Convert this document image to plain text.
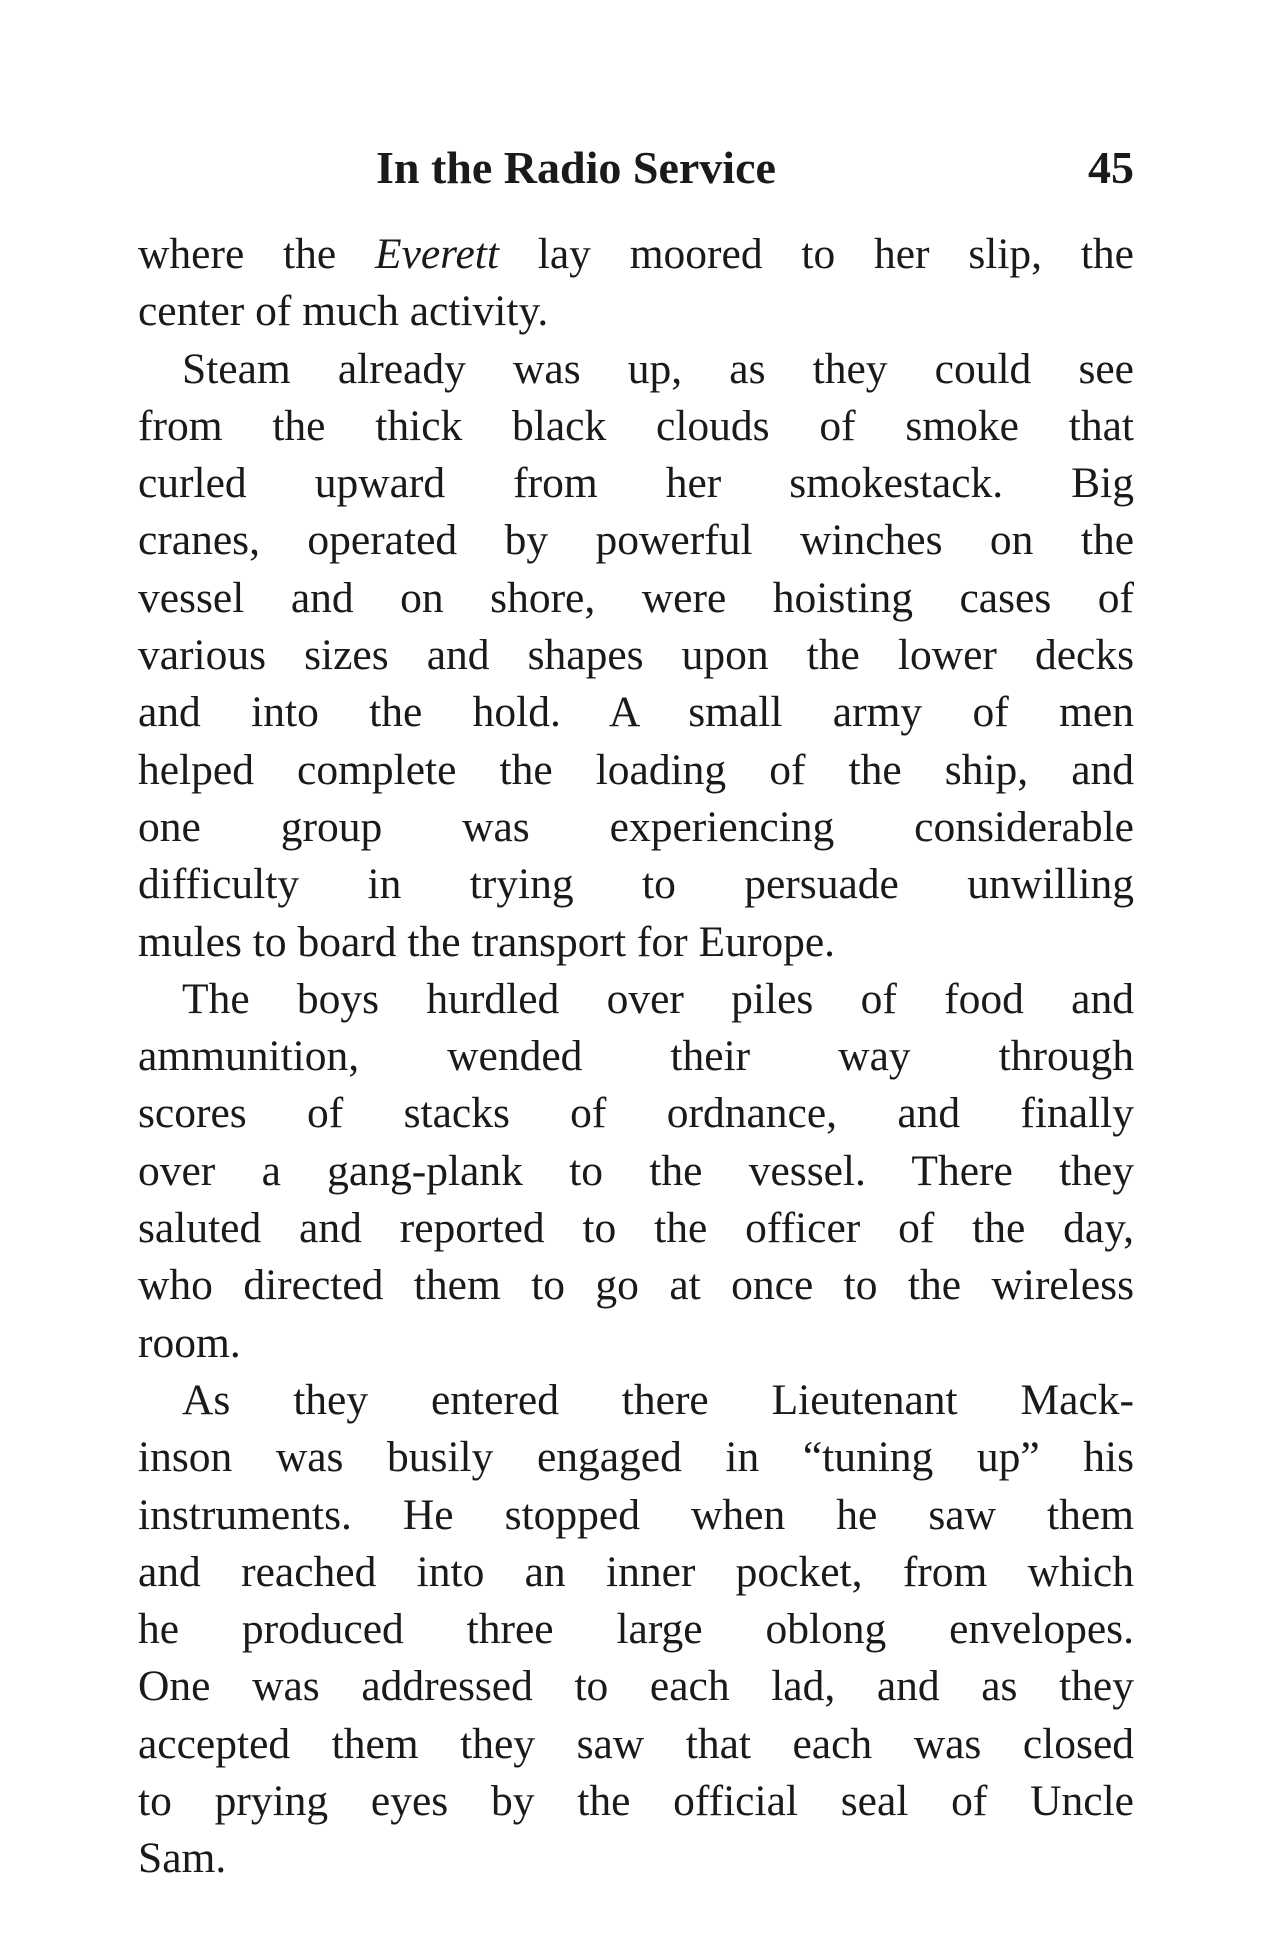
In the Radio Service	45
where the Everett lay moored to her slip, the
center of much activity.
Steam already was up, as they could see
from the thick black clouds of smoke that
curled upward from her smokestack. Big
cranes, operated by powerful winches on the
vessel and on shore, were hoisting cases of
various sizes and shapes upon the lower decks
and into the hold. A small army of men
helped complete the loading of the ship, and
one group was experiencing considerable
difficulty in trying to persuade unwilling
mules to board the transport for Europe.
The boys hurdled over piles of food and
ammunition, wended their way through
scores of stacks of ordnance, and finally
over a gang-plank to the vessel. There they
saluted and reported to the officer of the day,
who directed them to go at once to the wireless
room.
As they entered there Lieutenant Mack-
inson was busily engaged in “tuning up” his
instruments. He stopped when he saw them
and reached into an inner pocket, from which
he produced three large oblong envelopes.
One was addressed to each lad, and as they
accepted them they saw that each was closed
to prying eyes by the official seal of Uncle
Sam.
